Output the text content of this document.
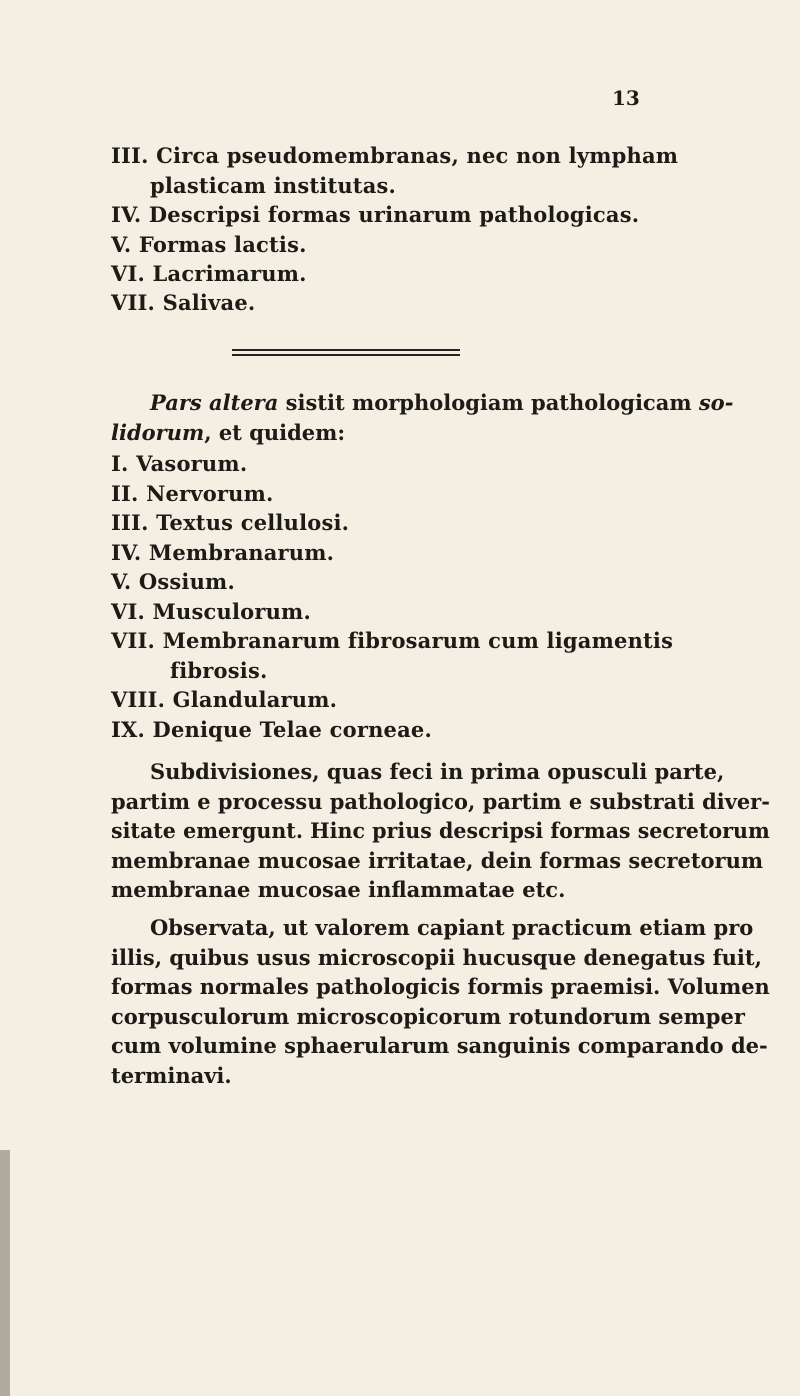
13
III. Circa pseudomembranas, nec non lympham
plasticam institutas.
IV. Descripsi formas urinarum pathologicas.
V. Formas lactis.
VI. Lacrimarum.
VII. Salivae.
Pars altera sistit morphologiam pathologicam so-
lidorum, et quidem:
I. Vasorum.
II. Nervorum.
III. Textus cellulosi.
IV. Membranarum.
V. Ossium.
VI. Musculorum.
VII. Membranarum fibrosarum cum ligamentis
fibrosis.
VIII. Glandularum.
IX. Denique Telae corneae.
Subdivisiones, quas feci in prima opusculi parte,
partim e processu pathologico, partim e substrati diver-
sitate emergunt. Hinc prius descripsi formas secretorum
membranae mucosae irritatae, dein formas secretorum
membranae mucosae inflammatae etc.
Observata, ut valorem capiant practicum etiam pro
illis, quibus usus microscopii hucusque denegatus fuit,
formas normales pathologicis formis praemisi. Volumen
corpusculorum microscopicorum rotundorum semper
cum volumine sphaerularum sanguinis comparando de-
terminavi.
